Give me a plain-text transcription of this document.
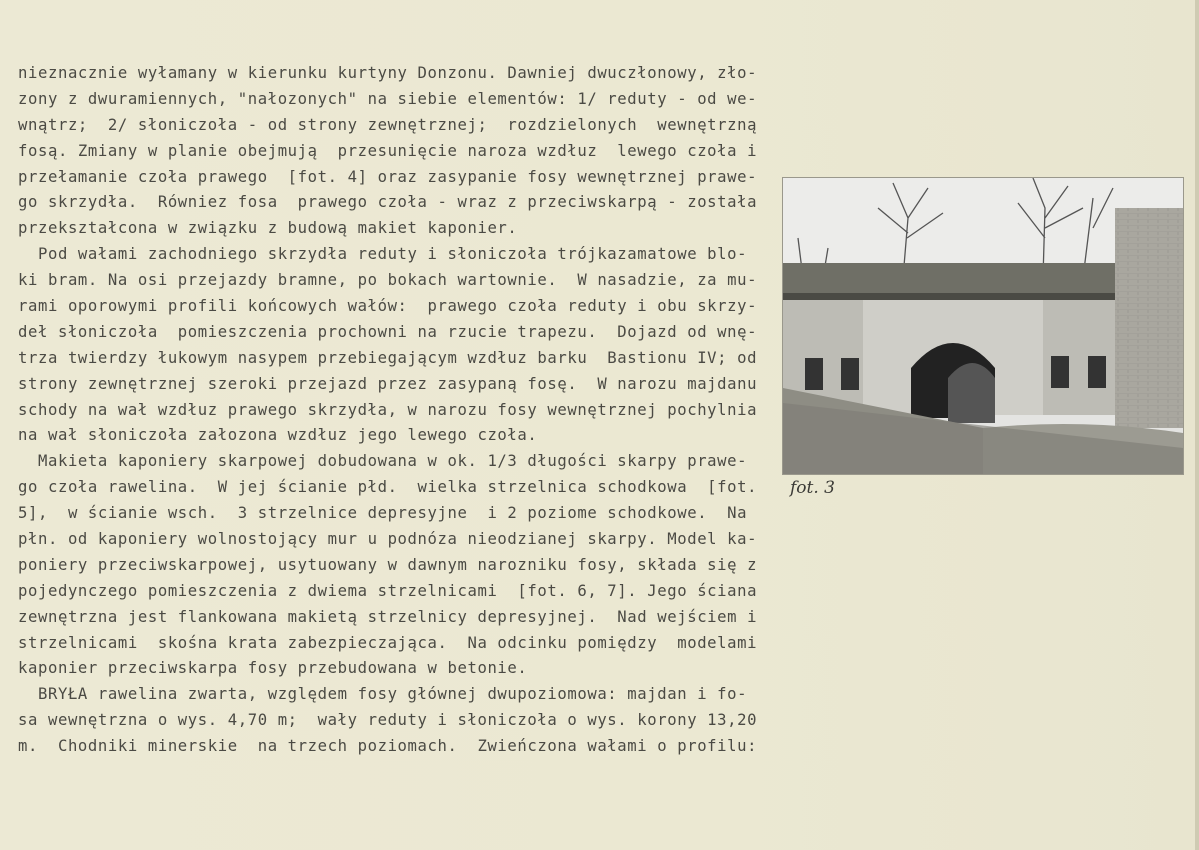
nieznacznie wyłamany w kierunku kurtyny Donzonu. Dawniej dwuczłonowy, zło-
zony z dwuramiennych, "nałozonych" na siebie elementów: 1/ reduty - od we-
wnątrz;  2/ słoniczoła - od strony zewnętrznej;  rozdzielonych  wewnętrzną
fosą. Zmiany w planie obejmują  przesunięcie naroza wzdłuz  lewego czoła i
przełamanie czoła prawego  [fot. 4] oraz zasypanie fosy wewnętrznej prawe-
go skrzydła.  Równiez fosa  prawego czoła - wraz z przeciwskarpą - została
przekształcona w związku z budową makiet kaponier.
Pod wałami zachodniego skrzydła reduty i słoniczoła trójkazamatowe blo-
ki bram. Na osi przejazdy bramne, po bokach wartownie.  W nasadzie, za mu-
rami oporowymi profili końcowych wałów:  prawego czoła reduty i obu skrzy-
deł słoniczoła  pomieszczenia prochowni na rzucie trapezu.  Dojazd od wnę-
trza twierdzy łukowym nasypem przebiegającym wzdłuz barku  Bastionu IV; od
strony zewnętrznej szeroki przejazd przez zasypaną fosę.  W narozu majdanu
schody na wał wzdłuz prawego skrzydła, w narozu fosy wewnętrznej pochylnia
na wał słoniczoła załozona wzdłuz jego lewego czoła.
Makieta kaponiery skarpowej dobudowana w ok. 1/3 długości skarpy prawe-
go czoła rawelina.  W jej ścianie płd.  wielka strzelnica schodkowa  [fot.
5],  w ścianie wsch.  3 strzelnice depresyjne  i 2 poziome schodkowe.  Na
płn. od kaponiery wolnostojący mur u podnóza nieodzianej skarpy. Model ka-
poniery przeciwskarpowej, usytuowany w dawnym narozniku fosy, składa się z
pojedynczego pomieszczenia z dwiema strzelnicami  [fot. 6, 7]. Jego ściana
zewnętrzna jest flankowana makietą strzelnicy depresyjnej.  Nad wejściem i
strzelnicami  skośna krata zabezpieczająca.  Na odcinku pomiędzy  modelami
kaponier przeciwskarpa fosy przebudowana w betonie.
BRYŁA rawelina zwarta, względem fosy głównej dwupoziomowa: majdan i fo-
sa wewnętrzna o wys. 4,70 m;  wały reduty i słoniczoła o wys. korony 13,20
m.  Chodniki minerskie  na trzech poziomach.  Zwieńczona wałami o profilu:
fot. 3
